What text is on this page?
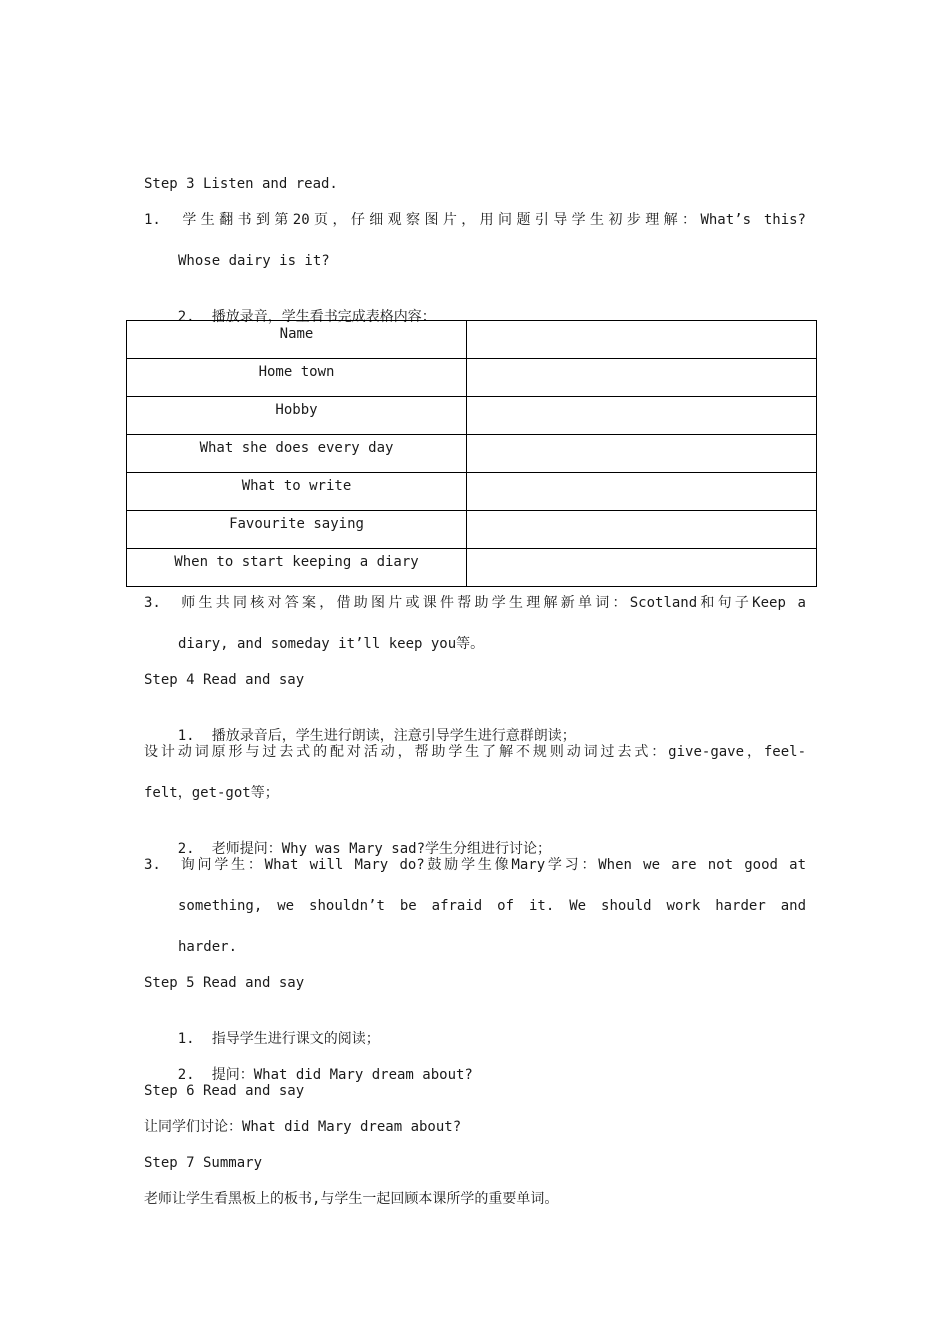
Step 3 Listen and read.
1. 学生翻书到第20页，仔细观察图片，用问题引导学生初步理解：What’s this?
Whose dairy is it?

2. 播放录音，学生看书完成表格内容：

Name	
Home town	
Hobby	
What she does every day	
What to write	
Favourite saying	
When to start keeping a diary	
3. 师生共同核对答案，借助图片或课件帮助学生理解新单词：Scotland和句子Keep a
diary, and someday it’ll keep you等。
Step 4 Read and say

1. 播放录音后，学生进行朗读，注意引导学生进行意群朗读；

设计动词原形与过去式的配对活动，帮助学生了解不规则动词过去式：give-gave，feel-
felt，get-got等；

2. 老师提问：Why was Mary sad?学生分组进行讨论；

3. 询问学生：What will Mary do?鼓励学生像Mary学习：When we are not good at
something, we shouldn’t be afraid of it. We should work harder and
harder.
Step 5 Read and say

1. 指导学生进行课文的阅读；

2. 提问：What did Mary dream about?

Step 6 Read and say
让同学们讨论：What did Mary dream about?
Step 7 Summary
老师让学生看黑板上的板书,与学生一起回顾本课所学的重要单词。
